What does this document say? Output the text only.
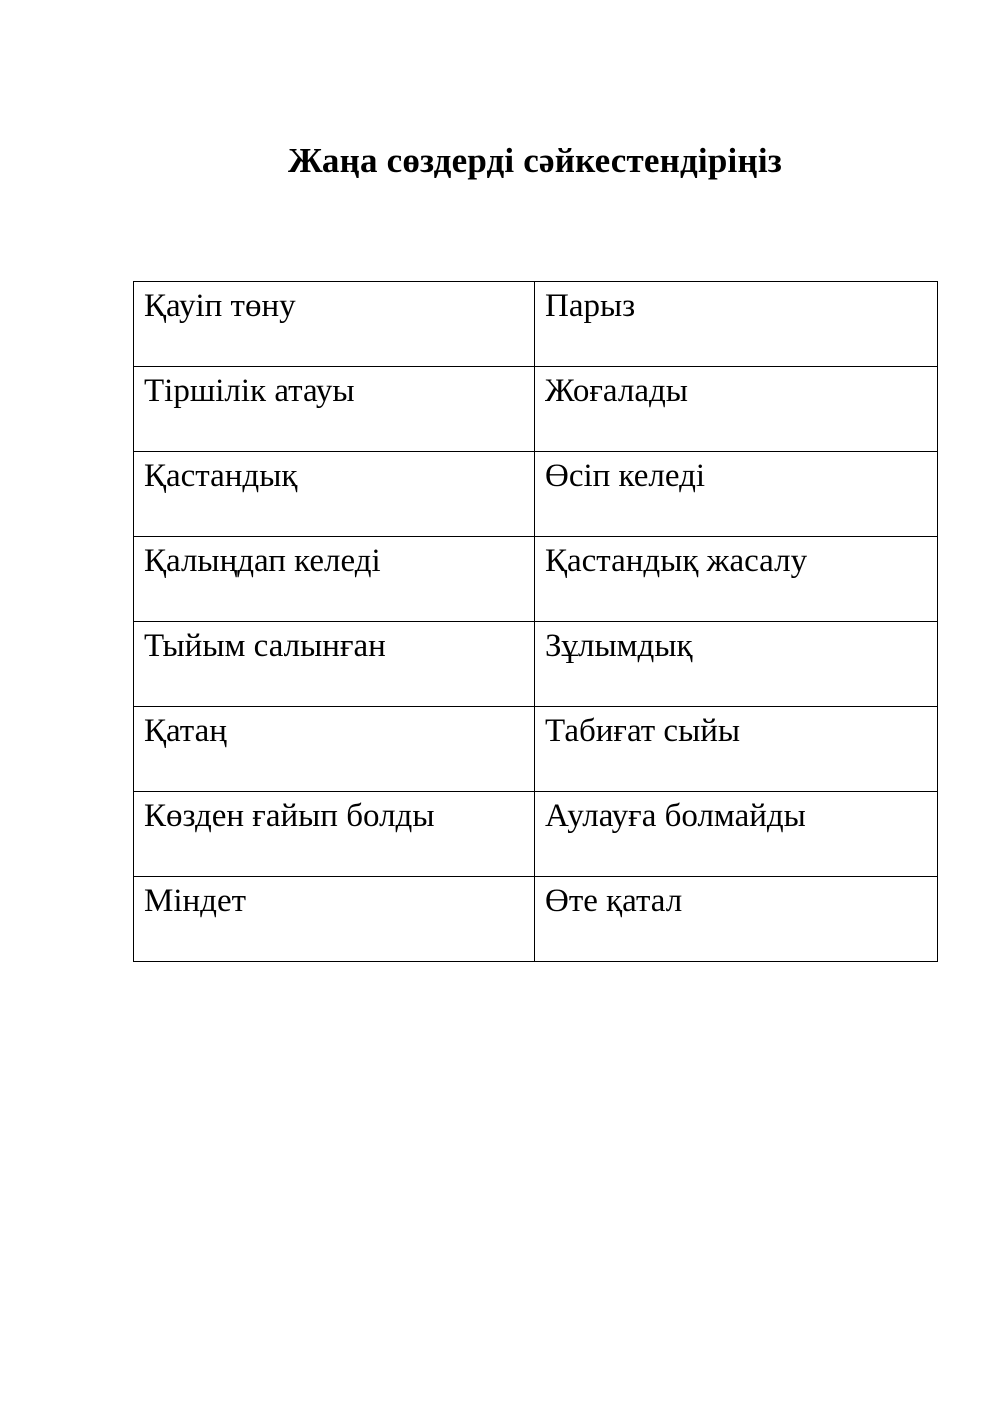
Жаңа сөздерді сәйкестендіріңіз
Қауіп төну	Парыз

Тіршілік атауы	Жоғалады

Қастандық	Өсіп келеді

Қалыңдап келеді	Қастандық жасалу

Тыйым салынған	Зұлымдық

Қатаң	Табиғат сыйы

Көзден ғайып болды	Аулауға болмайды

Міндет	Өте қатал
